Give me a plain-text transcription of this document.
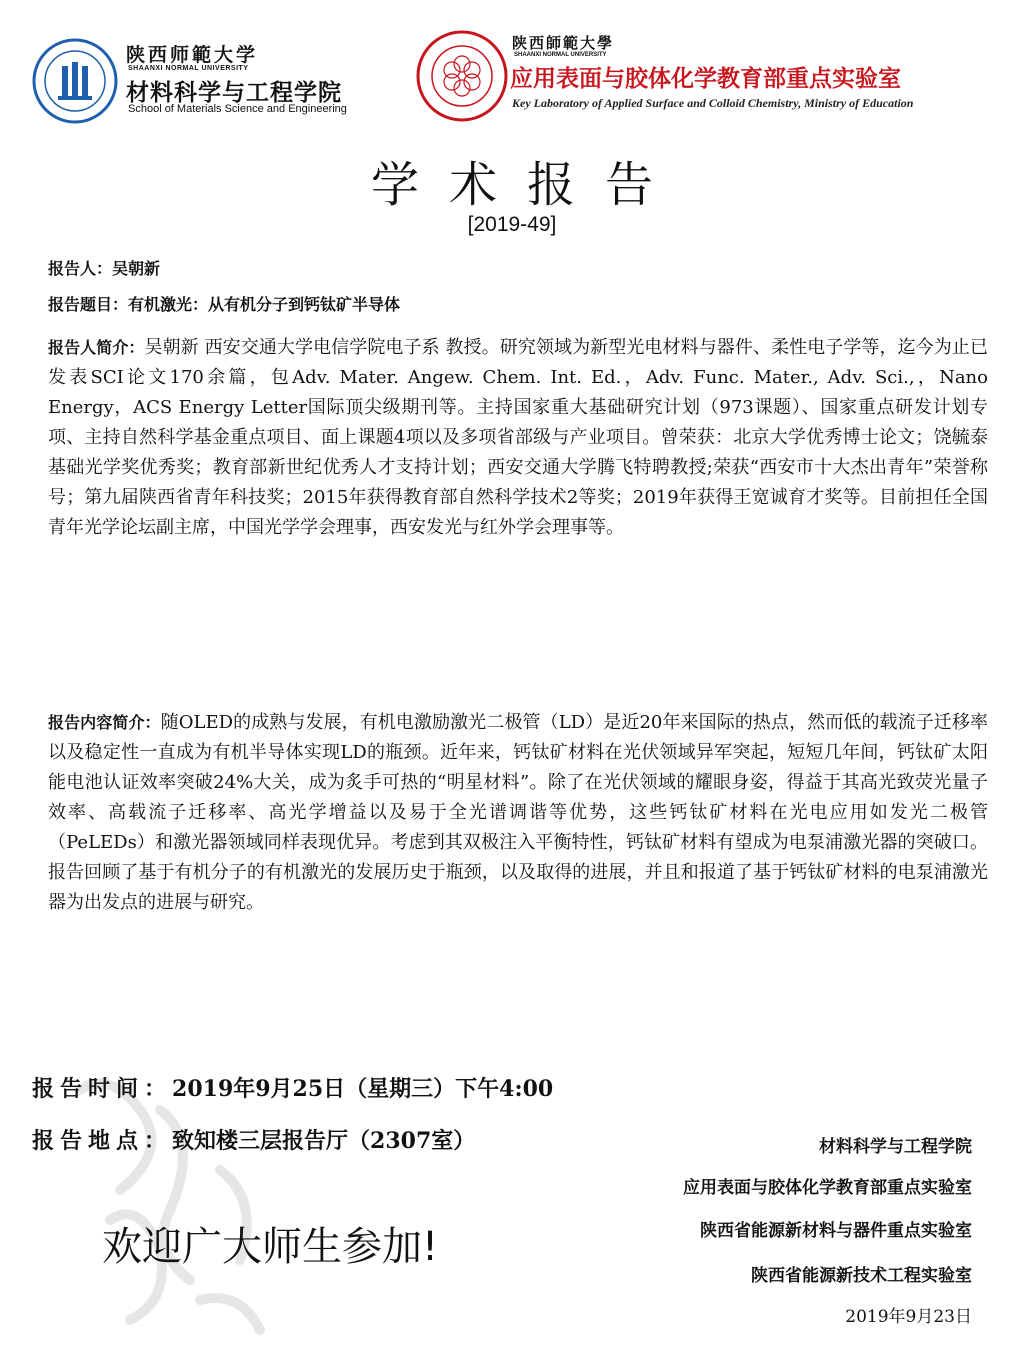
陕西师範大学
SHAANXI NORMAL UNIVERSITY
材料科学与工程学院
School of Materials Science and Engineering
陕西師範大學
SHAANXI NORMAL UNIVERSITY
应用表面与胶体化学教育部重点实验室
Key Laboratory of Applied Surface and Colloid Chemistry, Ministry of Education
学术报告
[2019-49]
报告人：吴朝新
报告题目：有机激光：从有机分子到钙钛矿半导体

报告人简介：吴朝新 西安交通大学电信学院电子系 教授。研究领域为新型光电材料与器件、柔性电子学等，迄今为止已发表SCI论文170余篇，包Adv. Mater. Angew. Chem. Int. Ed.，Adv. Func. Mater., Adv. Sci.,，Nano Energy，ACS Energy Letter国际顶尖级期刊等。主持国家重大基础研究计划（973课题）、国家重点研发计划专项、主持自然科学基金重点项目、面上课题4项以及多项省部级与产业项目。曾荣获：北京大学优秀博士论文；饶毓泰基础光学奖优秀奖；教育部新世纪优秀人才支持计划；西安交通大学腾飞特聘教授;荣获“西安市十大杰出青年”荣誉称号；第九届陕西省青年科技奖；2015年获得教育部自然科学技术2等奖；2019年获得王宽诚育才奖等。目前担任全国青年光学论坛副主席，中国光学学会理事，西安发光与红外学会理事等。

报告内容简介：随OLED的成熟与发展，有机电激励激光二极管（LD）是近20年来国际的热点，然而低的载流子迁移率以及稳定性一直成为有机半导体实现LD的瓶颈。近年来，钙钛矿材料在光伏领域异军突起，短短几年间，钙钛矿太阳能电池认证效率突破24%大关，成为炙手可热的“明星材料”。除了在光伏领域的耀眼身姿，得益于其高光致荧光量子效率、高载流子迁移率、高光学增益以及易于全光谱调谐等优势，这些钙钛矿材料在光电应用如发光二极管（PeLEDs）和激光器领域同样表现优异。考虑到其双极注入平衡特性，钙钛矿材料有望成为电泵浦激光器的突破口。报告回顾了基于有机分子的有机激光的发展历史于瓶颈，以及取得的进展，并且和报道了基于钙钛矿材料的电泵浦激光器为出发点的进展与研究。

报告时间：2019年9月25日（星期三）下午4:00
报告地点：致知楼三层报告厅（2307室）
欢迎广大师生参加!
材料科学与工程学院
应用表面与胶体化学教育部重点实验室
陕西省能源新材料与器件重点实验室
陕西省能源新技术工程实验室
2019年9月23日
